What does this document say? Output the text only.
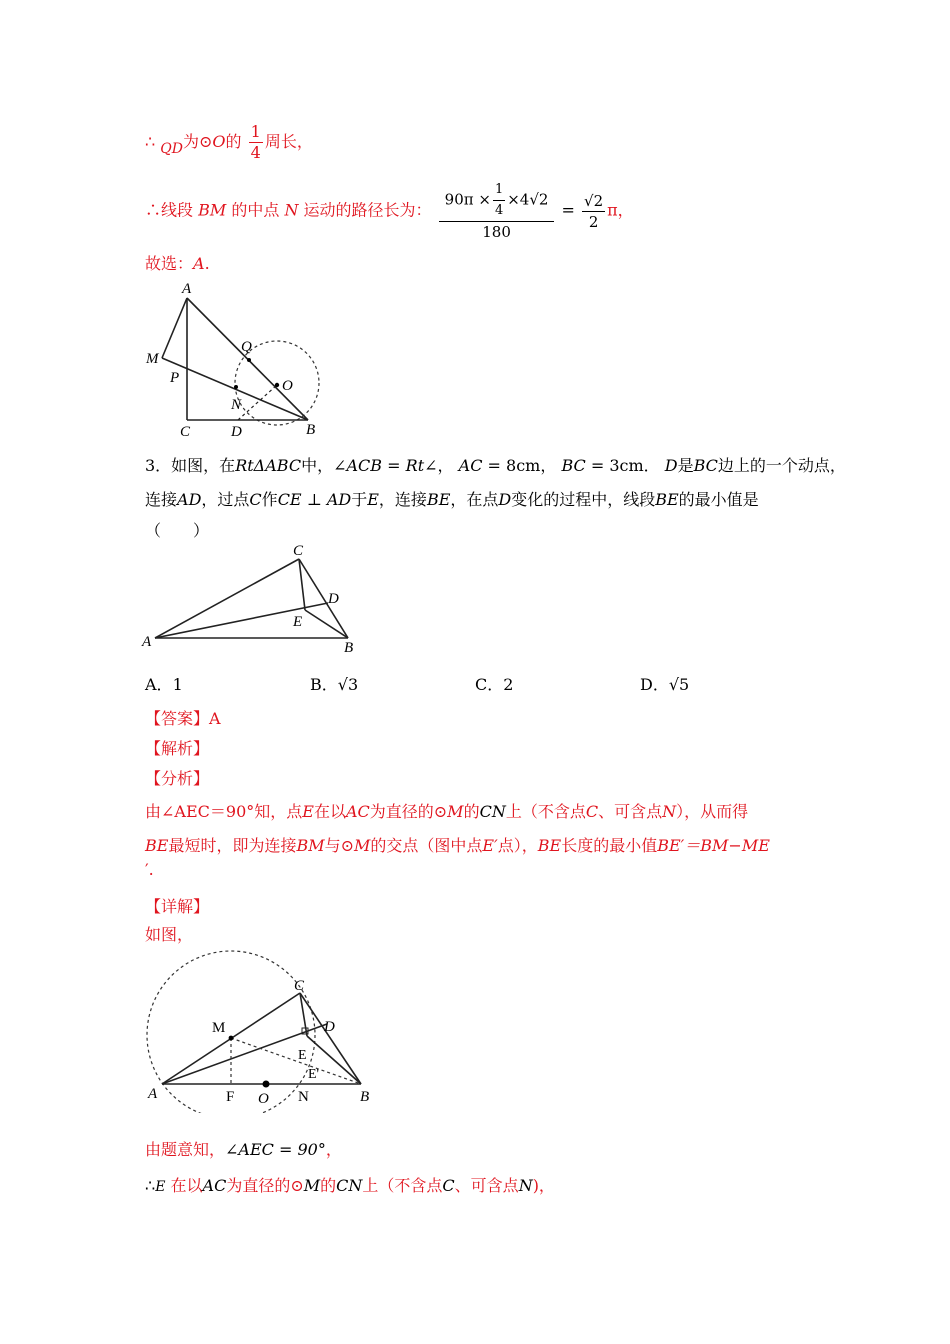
∴ QD为⊙O的 $\frac{1}{4}$ 周长，
∴线段 BM 的中点 N 运动的路径长为： $\frac{90\pi \times \frac{1}{4} \times 4√2}{180} = \frac{√2}{2}$ π，
故选：A.
A
M
P
Q
O
N
C	D	B
3．如图，在RtΔABC中，∠ACB = Rt∠， AC = 8cm， BC = 3cm． D是BC边上的一个动点，
连接AD，过点C作CE ⊥ AD于E，连接BE，在点D变化的过程中，线段BE的最小值是
（　　）
C
D
E
A	B
A．1	B．√3	C．2	D．√5
【答案】A
【解析】
【分析】
由∠AEC＝90°知，点E在以AC为直径的⊙M的CN上（不含点C、可含点N），从而得
BE最短时，即为连接BM与⊙M的交点（图中点E′点），BE长度的最小值BE′＝BM−ME
′.
【详解】
如图，
C
M	D
E
E'
A	F O N	B
由题意知，∠AEC = 90°，
∴E 在以AC为直径的⊙M的CN上（不含点C、可含点N)，
